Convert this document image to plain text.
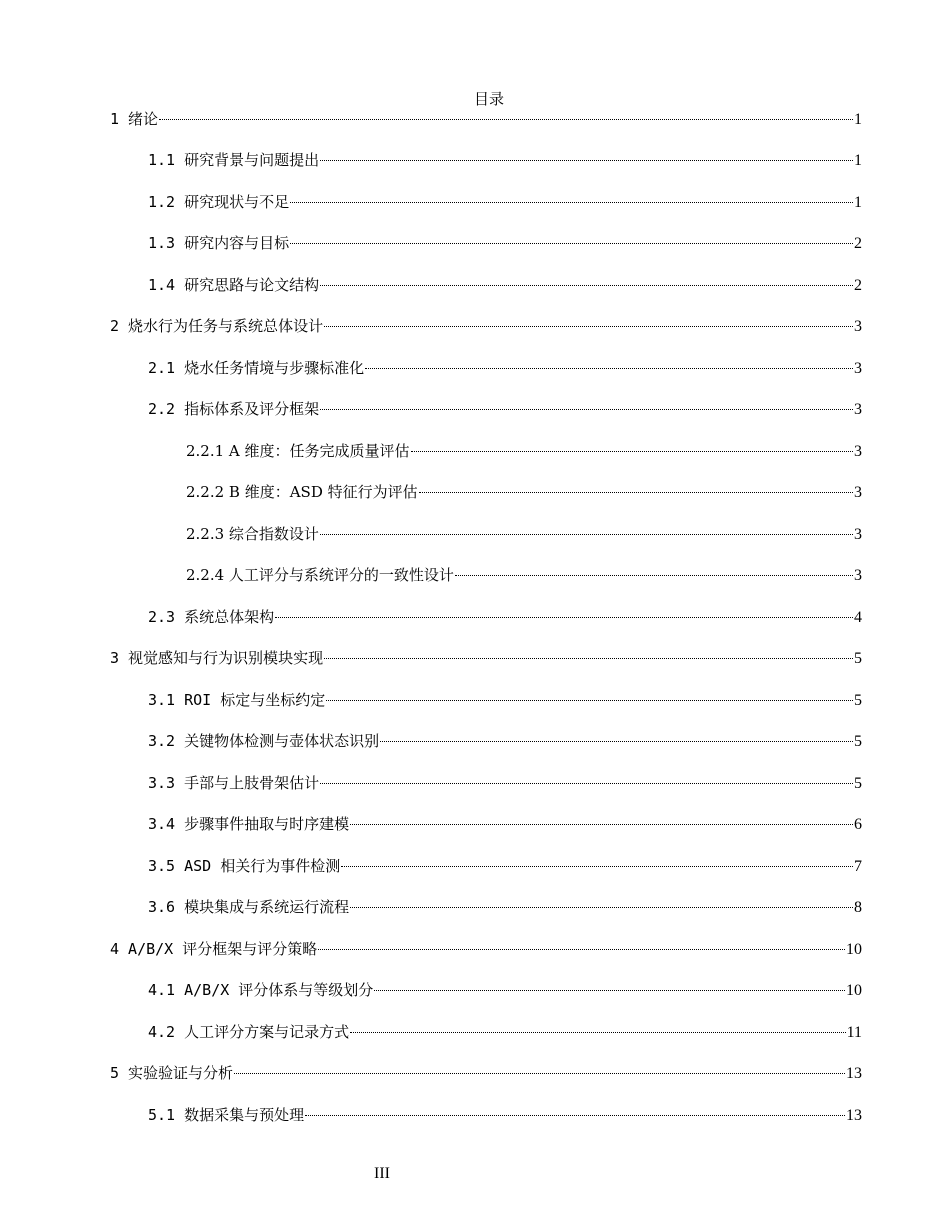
目录
1 绪论	1
1.1 研究背景与问题提出	1
1.2 研究现状与不足	1
1.3 研究内容与目标	2
1.4 研究思路与论文结构	2
2 烧水行为任务与系统总体设计	3
2.1 烧水任务情境与步骤标准化	3
2.2 指标体系及评分框架	3
2.2.1 A 维度：任务完成质量评估	3
2.2.2 B 维度：ASD 特征行为评估	3
2.2.3 综合指数设计	3
2.2.4 人工评分与系统评分的一致性设计	3
2.3 系统总体架构	4
3 视觉感知与行为识别模块实现	5
3.1 ROI 标定与坐标约定	5
3.2 关键物体检测与壶体状态识别	5
3.3 手部与上肢骨架估计	5
3.4 步骤事件抽取与时序建模	6
3.5 ASD 相关行为事件检测	7
3.6 模块集成与系统运行流程	8
4 A/B/X 评分框架与评分策略	10
4.1 A/B/X 评分体系与等级划分	10
4.2 人工评分方案与记录方式	11
5 实验验证与分析	13
5.1 数据采集与预处理	13
III
